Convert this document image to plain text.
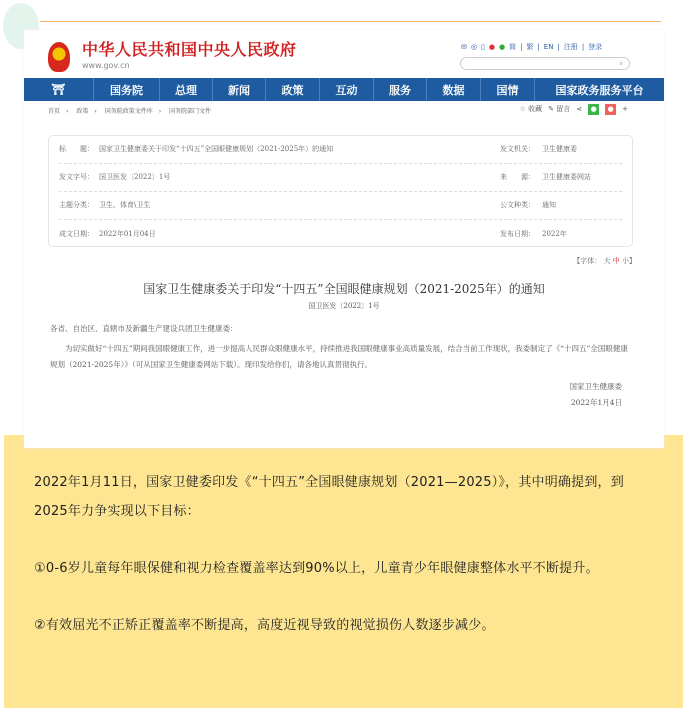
中华人民共和国中央人民政府
www.gov.cn
✉ ◎ ▯ ● ● 简 | 繁 | EN | 注册 | 登录
⌕
⛩	国务院	总理	新闻	政策	互动	服务	数据	国情	国家政务服务平台
首页 › 政策 › 国务院政策文件库 › 国务院部门文件	☆ 收藏 ✎ 留言 ⋖	●	●	+
标　　题： 国家卫生健康委关于印发“十四五”全国眼健康规划（2021-2025年）的通知	发文机关：	卫生健康委
发文字号： 国卫医发〔2022〕1号	来　　源：	卫生健康委网站
主题分类： 卫生、体育\卫生	公文种类：	通知
成文日期： 2022年01月04日	发布日期：	2022年
【字体： 大 中 小】
国家卫生健康委关于印发“十四五”全国眼健康规划（2021-2025年）的通知
国卫医发〔2022〕1号
各省、自治区、直辖市及新疆生产建设兵团卫生健康委：
为切实做好“十四五”期间我国眼健康工作，进一步提高人民群众眼健康水平，持续推进我国眼健康事业高质量发展，结合当前工作现状，我委制定了《“十四五”全国眼健康规划（2021-2025年）》（可从国家卫生健康委网站下载）。现印发给你们，请各地认真贯彻执行。
国家卫生健康委
2022年1月4日
2022年1月11日，国家卫健委印发《“十四五”全国眼健康规划（2021—2025）》，其中明确提到，到2025年力争实现以下目标：
①0-6岁儿童每年眼保健和视力检查覆盖率达到90%以上，儿童青少年眼健康整体水平不断提升。
②有效屈光不正矫正覆盖率不断提高，高度近视导致的视觉损伤人数逐步减少。
